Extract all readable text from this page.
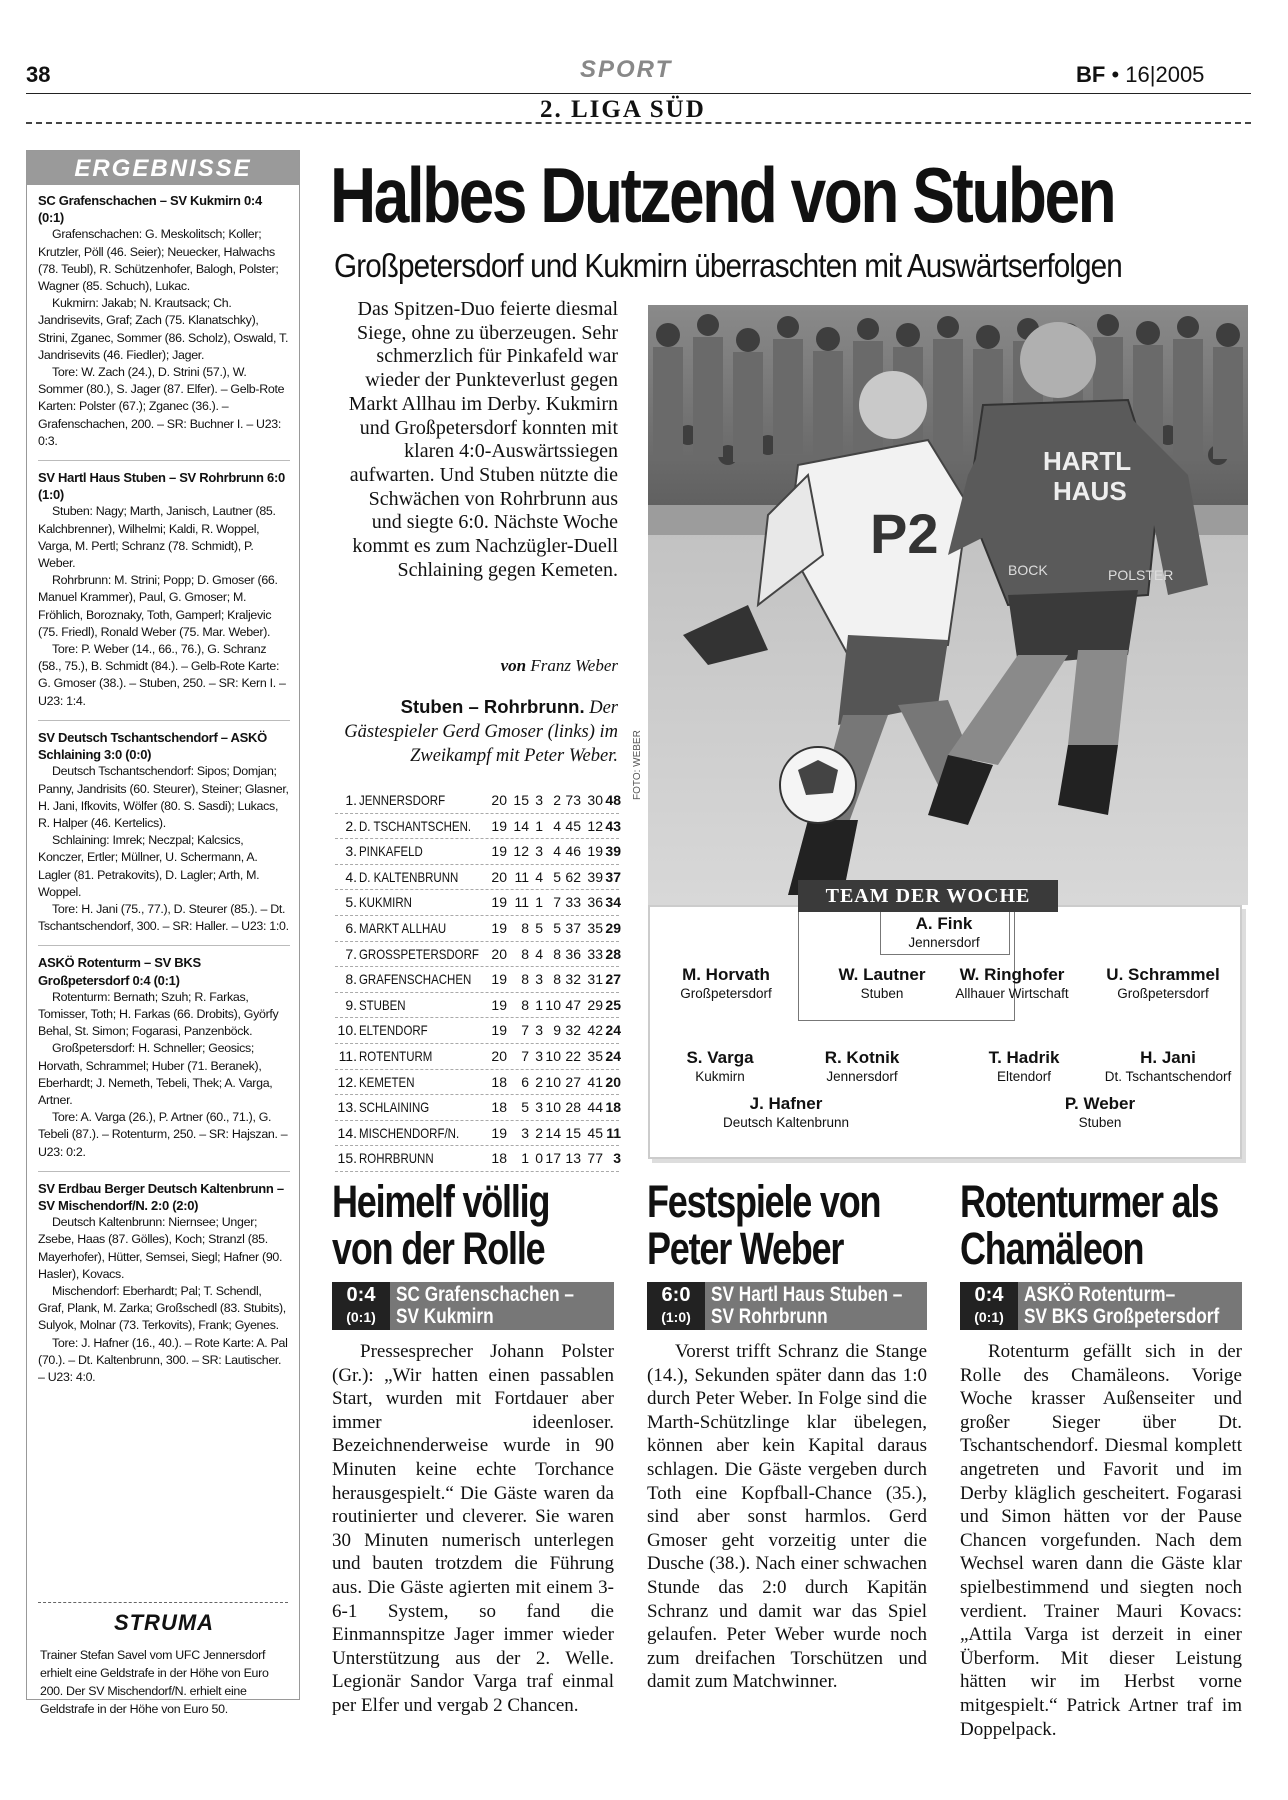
38	SPORT	BF • 16|2005
2. LIGA SÜD
ERGEBNISSE

SC Grafenschachen – SV Kukmirn 0:4 (0:1)

Grafenschachen: G. Meskolitsch; Koller; Krutzler, Pöll (46. Seier); Neuecker, Halwachs (78. Teubl), R. Schützenhofer, Balogh, Polster; Wagner (85. Schuch), Lukac.

Kukmirn: Jakab; N. Krautsack; Ch. Jandrisevits, Graf; Zach (75. Klanatschky), Strini, Zganec, Sommer (86. Scholz), Oswald, T. Jandrisevits (46. Fiedler); Jager.

Tore: W. Zach (24.), D. Strini (57.), W. Sommer (80.), S. Jager (87. Elfer). – Gelb-Rote Karten: Polster (67.); Zganec (36.). – Grafenschachen, 200. – SR: Buchner I. – U23: 0:3.

SV Hartl Haus Stuben – SV Rohrbrunn 6:0 (1:0)

Stuben: Nagy; Marth, Janisch, Lautner (85. Kalchbrenner), Wilhelmi; Kaldi, R. Woppel, Varga, M. Pertl; Schranz (78. Schmidt), P. Weber.

Rohrbrunn: M. Strini; Popp; D. Gmoser (66. Manuel Krammer), Paul, G. Gmoser; M. Fröhlich, Boroznaky, Toth, Gamperl; Kraljevic (75. Friedl), Ronald Weber (75. Mar. Weber).

Tore: P. Weber (14., 66., 76.), G. Schranz (58., 75.), B. Schmidt (84.). – Gelb-Rote Karte: G. Gmoser (38.). – Stuben, 250. – SR: Kern I. – U23: 1:4.

SV Deutsch Tschantschendorf – ASKÖ Schlaining 3:0 (0:0)

Deutsch Tschantschendorf: Sipos; Domjan; Panny, Jandrisits (60. Steurer), Steiner; Glasner, H. Jani, Ifkovits, Wölfer (80. S. Sasdi); Lukacs, R. Halper (46. Kertelics).

Schlaining: Imrek; Neczpal; Kalcsics, Konczer, Ertler; Müllner, U. Schermann, A. Lagler (81. Petrakovits), D. Lagler; Arth, M. Woppel.

Tore: H. Jani (75., 77.), D. Steurer (85.). – Dt. Tschantschendorf, 300. – SR: Haller. – U23: 1:0.

ASKÖ Rotenturm – SV BKS Großpetersdorf 0:4 (0:1)

Rotenturm: Bernath; Szuh; R. Farkas, Tomisser, Toth; H. Farkas (66. Drobits), Györfy Behal, St. Simon; Fogarasi, Panzenböck.

Großpetersdorf: H. Schneller; Geosics; Horvath, Schrammel; Huber (71. Beranek), Eberhardt; J. Nemeth, Tebeli, Thek; A. Varga, Artner.

Tore: A. Varga (26.), P. Artner (60., 71.), G. Tebeli (87.). – Rotenturm, 250. – SR: Hajszan. – U23: 0:2.

SV Erdbau Berger Deutsch Kaltenbrunn – SV Mischendorf/N. 2:0 (2:0)

Deutsch Kaltenbrunn: Niernsee; Unger; Zsebe, Haas (87. Gölles), Koch; Stranzl (85. Mayerhofer), Hütter, Semsei, Siegl; Hafner (90. Hasler), Kovacs.

Mischendorf: Eberhardt; Pal; T. Schendl, Graf, Plank, M. Zarka; Großschedl (83. Stubits), Sulyok, Molnar (73. Terkovits), Frank; Gyenes.

Tore: J. Hafner (16., 40.). – Rote Karte: A. Pal (70.). – Dt. Kaltenbrunn, 300. – SR: Lautischer. – U23: 4:0.

STRUMA
Trainer Stefan Savel vom UFC Jennersdorf erhielt eine Geldstrafe in der Höhe von Euro 200. Der SV Mischendorf/N. erhielt eine Geldstrafe in der Höhe von Euro 50.
Halbes Dutzend von Stuben
Großpetersdorf und Kukmirn überraschten mit Auswärtserfolgen
Das Spitzen-Duo feierte diesmal Siege, ohne zu überzeugen. Sehr schmerzlich für Pinkafeld war wieder der Punkteverlust gegen Markt Allhau im Derby. Kukmirn und Großpetersdorf konnten mit klaren 4:0-Auswärtssiegen aufwarten. Und Stuben nützte die Schwächen von Rohrbrunn aus und siegte 6:0. Nächste Woche kommt es zum Nachzügler-Duell Schlaining gegen Kemeten.
von Franz Weber
Stuben – Rohrbrunn. Der Gästespieler Gerd Gmoser (links) im Zweikampf mit Peter Weber.
P2
HARTL
HAUS
BOCK	POLSTER
FOTO: WEBER
1. JENNERSDORF	20 15 3 2 73 30 48
2. D. TSCHANTSCHEN.	19 14 1 4 45 12 43
3. PINKAFELD	19 12 3 4 46 19 39
4. D. KALTENBRUNN	20 11 4 5 62 39 37
5. KUKMIRN	19 11 1 7 33 36 34
6. MARKT ALLHAU	19	8 5 5 37 35 29
7. GROSSPETERSDORF 20	8 4 8 36 33 28
8. GRAFENSCHACHEN	19	8 3 8 32 31 27
9. STUBEN	19	8 1 10 47 29 25
10. ELTENDORF	19	7 3 9 32 42 24
11. ROTENTURM	20	7 3 10 22 35 24
12. KEMETEN	18	6 2 10 27 41 20
13. SCHLAINING	18	5 3 10 28 44 18
14. MISCHENDORF/N.	19	3 2 14 15 45 11
15. ROHRBRUNN	18	1 0 17 13 77 3
TEAM DER WOCHE
A. Fink
Jennersdorf
M. Horvath
Großpetersdorf
W. Lautner
Stuben
W. Ringhofer
Allhauer Wirtschaft
U. Schrammel
Großpetersdorf
S. Varga
Kukmirn
R. Kotnik
Jennersdorf
T. Hadrik
Eltendorf
H. Jani
Dt. Tschantschendorf
J. Hafner
Deutsch Kaltenbrunn
P. Weber
Stuben
Heimelf völlig
von der Rolle
0:4
(0:1)
SC Grafenschachen –
SV Kukmirn
Pressesprecher Johann Polster (Gr.): „Wir hatten einen passablen Start, wurden mit Fortdauer aber immer ideenloser. Bezeichnenderweise wurde in 90 Minuten keine echte Torchance herausgespielt.“ Die Gäste waren da routinierter und cleverer. Sie waren 30 Minuten numerisch unterlegen und bauten trotzdem die Führung aus. Die Gäste agierten mit einem 3-6-1 System, so fand die Einmannspitze Jager immer wieder Unterstützung aus der 2. Welle. Legionär Sandor Varga traf einmal per Elfer und vergab 2 Chancen.
Festspiele von
Peter Weber
6:0
(1:0)
SV Hartl Haus Stuben –
SV Rohrbrunn
Vorerst trifft Schranz die Stange (14.), Sekunden später dann das 1:0 durch Peter Weber. In Folge sind die Marth-Schützlinge klar übelegen, können aber kein Kapital daraus schlagen. Die Gäste vergeben durch Toth eine Kopfball-Chance (35.), sind aber sonst harmlos. Gerd Gmoser geht vorzeitig unter die Dusche (38.). Nach einer schwachen Stunde das 2:0 durch Kapitän Schranz und damit war das Spiel gelaufen. Peter Weber wurde noch zum dreifachen Torschützen und damit zum Matchwinner.
Rotenturmer als
Chamäleon
0:4
(0:1)
ASKÖ Rotenturm–
SV BKS Großpetersdorf
Rotenturm gefällt sich in der Rolle des Chamäleons. Vorige Woche krasser Außenseiter und großer Sieger über Dt. Tschantschendorf. Diesmal komplett angetreten und Favorit und im Derby kläglich gescheitert. Fogarasi und Simon hätten vor der Pause Chancen vorgefunden. Nach dem Wechsel waren dann die Gäste klar spielbestimmend und siegten noch verdient. Trainer Mauri Kovacs: „Attila Varga ist derzeit in einer Überform. Mit dieser Leistung hätten wir im Herbst vorne mitgespielt.“ Patrick Artner traf im Doppelpack.
